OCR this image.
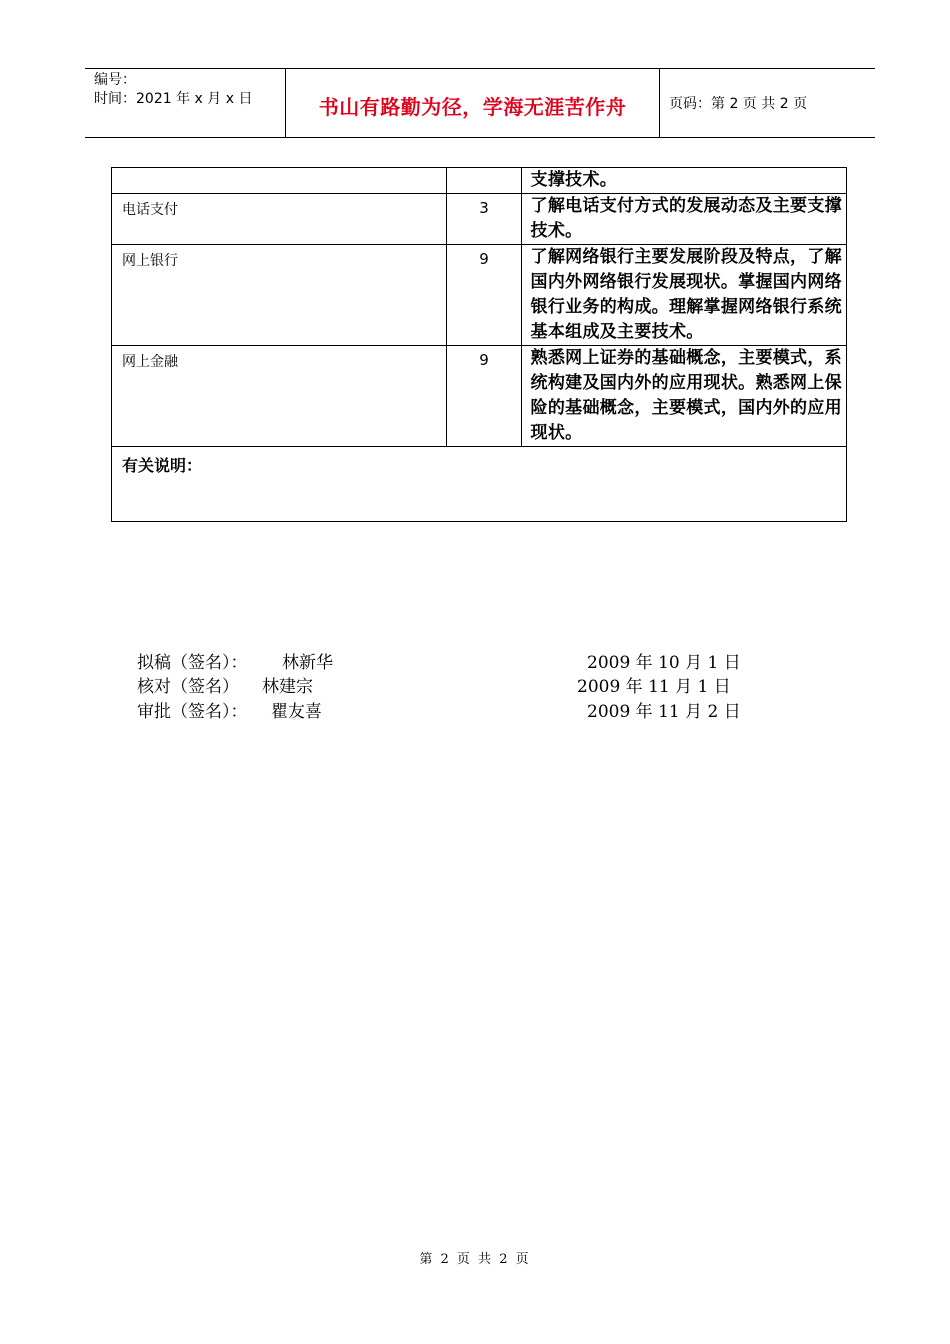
编号：
时间：2021 年 x 月 x 日	书山有路勤为径，学海无涯苦作舟	页码：第 2 页 共 2 页
		支撑技术。
电话支付	3	了解电话支付方式的发展动态及主要支撑技术。
网上银行	9	了解网络银行主要发展阶段及特点，了解国内外网络银行发展现状。掌握国内网络银行业务的构成。理解掌握网络银行系统基本组成及主要技术。
网上金融	9	熟悉网上证券的基础概念，主要模式，系统构建及国内外的应用现状。熟悉网上保险的基础概念，主要模式，国内外的应用现状。
有关说明：		
拟稿（签名）： 林新华	2009 年 10 月 1 日
核对（签名） 林建宗	2009 年 11 月 1 日
审批（签名）： 瞿友喜	2009 年 11 月 2 日
第 2 页 共 2 页
